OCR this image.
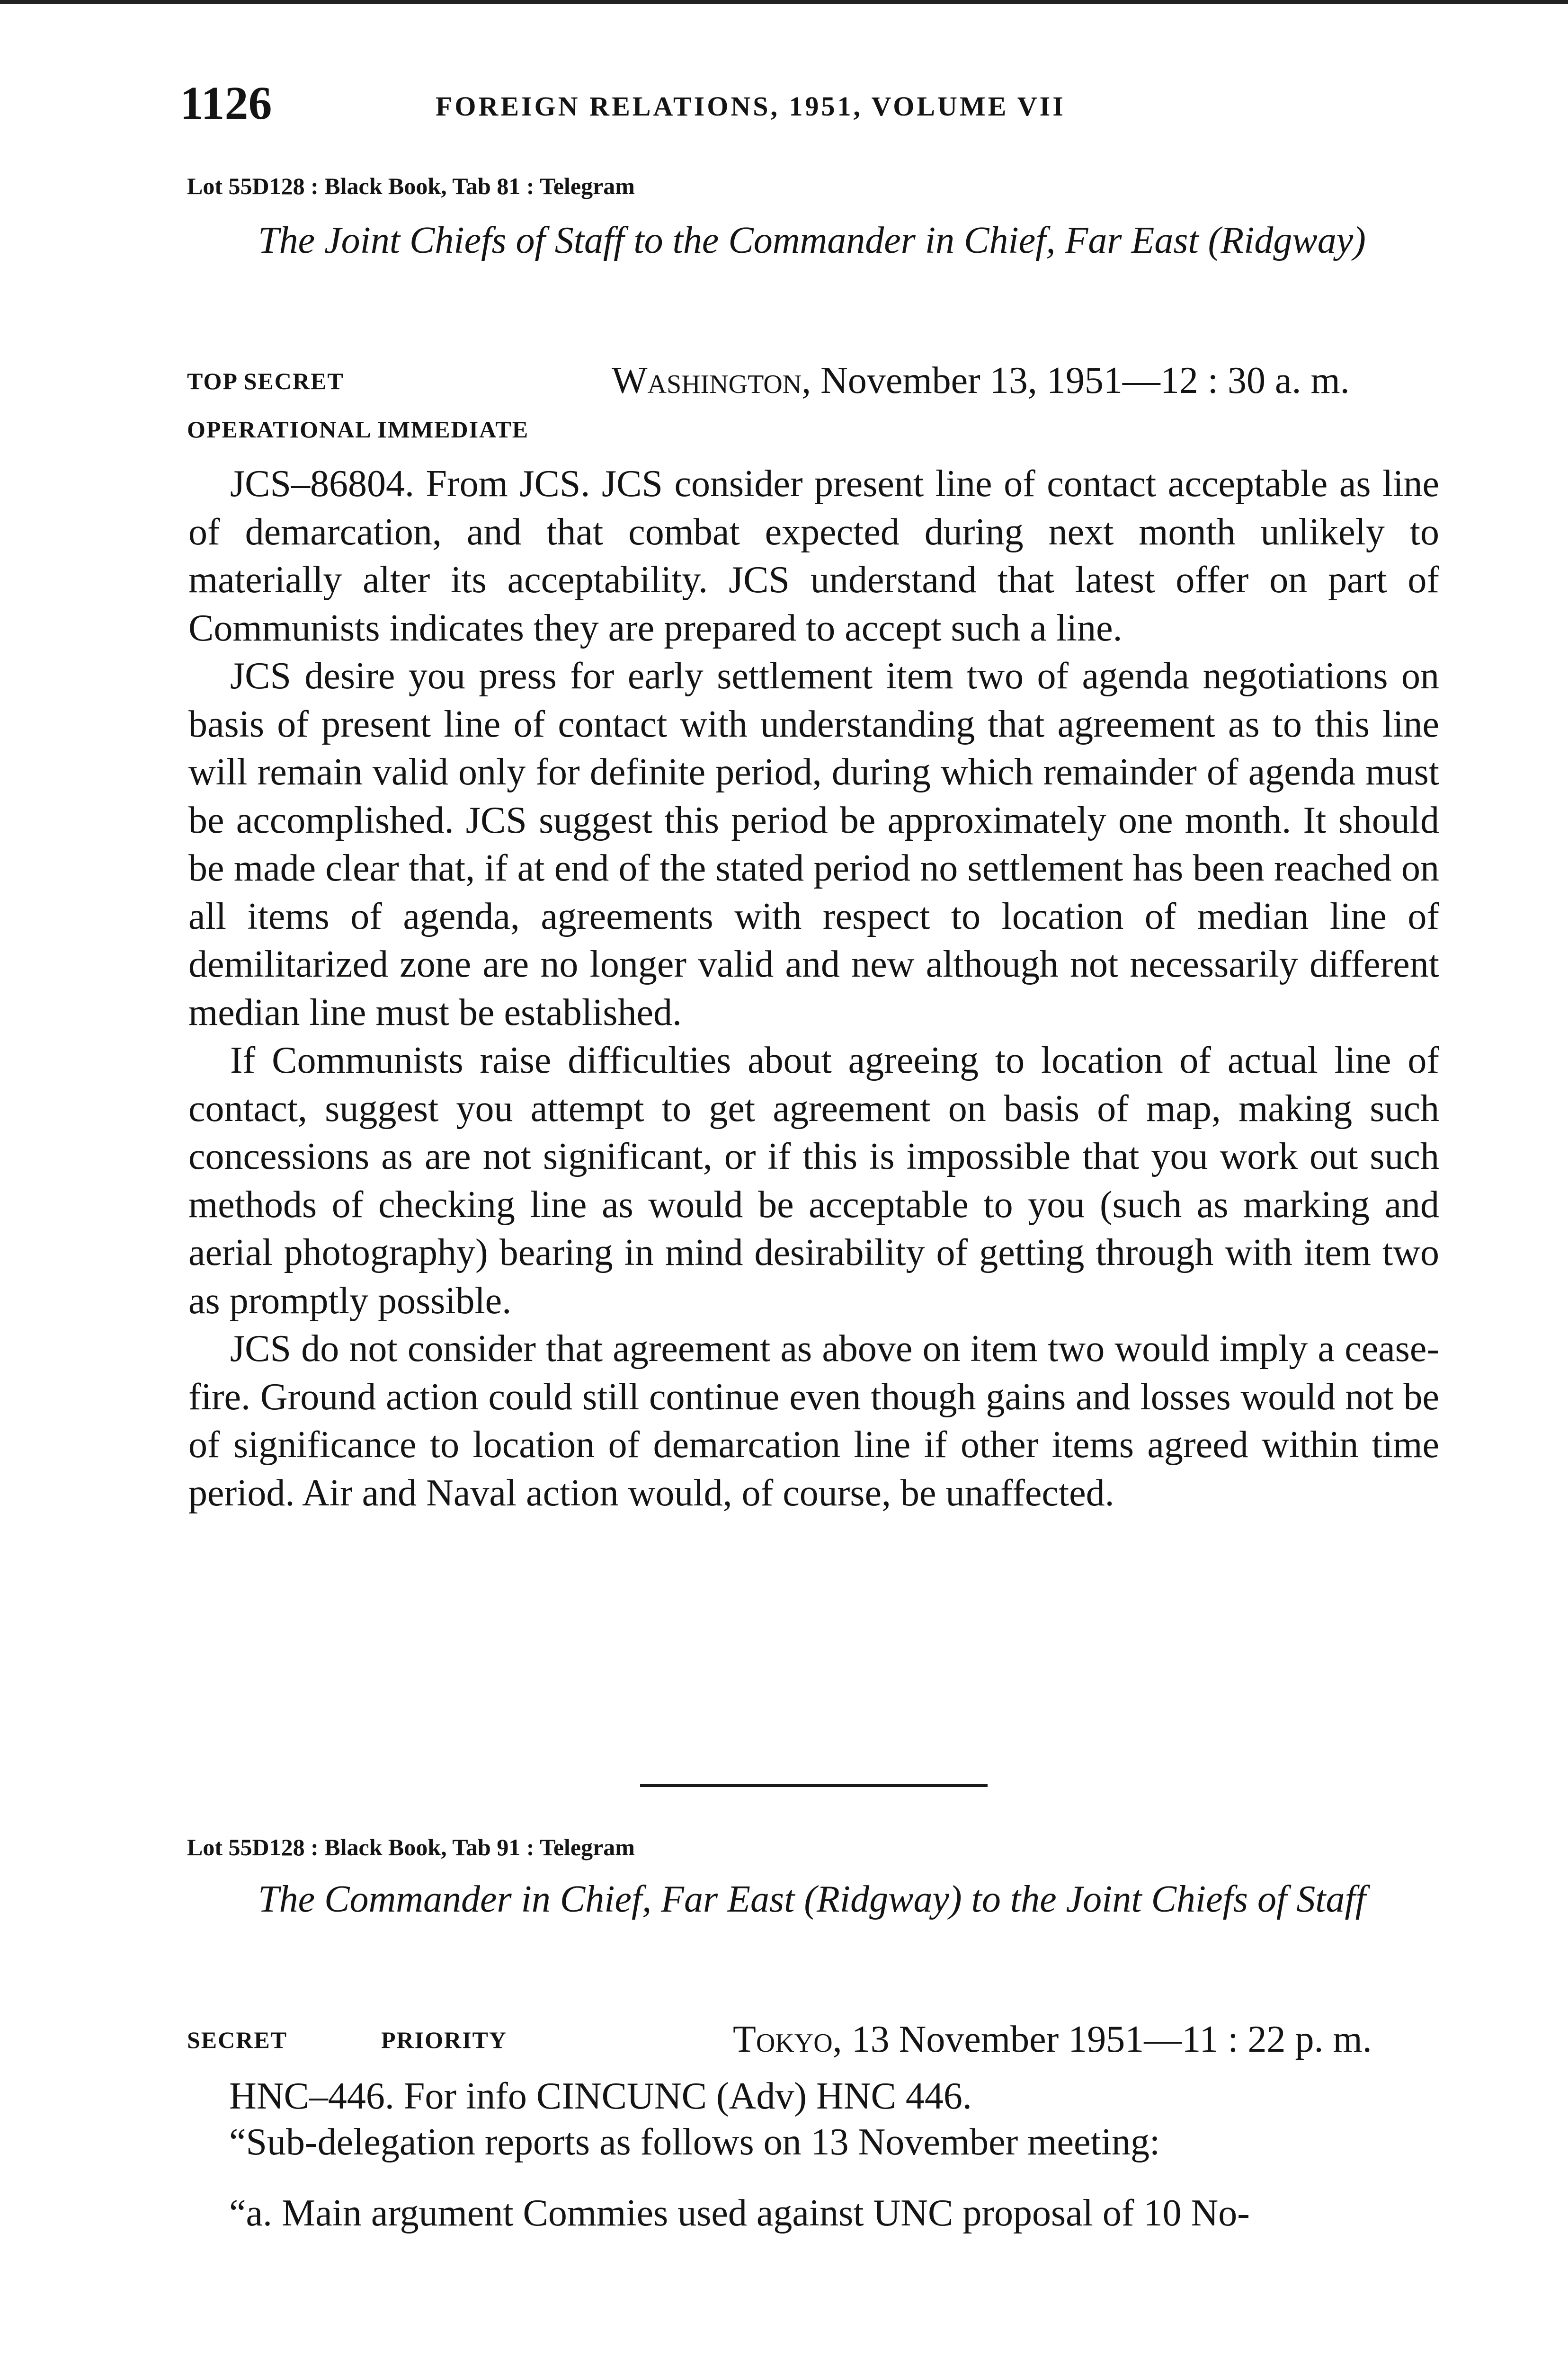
1126	FOREIGN RELATIONS, 1951, VOLUME VII
Lot 55D128 : Black Book, Tab 81 : Telegram
The Joint Chiefs of Staff to the Commander in Chief, Far East (Ridgway)
TOP SECRET
OPERATIONAL IMMEDIATE
Washington, November 13, 1951—12 : 30 a. m.

JCS–86804. From JCS. JCS consider present line of contact acceptable as line of demarcation, and that combat expected during next month unlikely to materially alter its acceptability. JCS understand that latest offer on part of Communists indicates they are prepared to accept such a line.

JCS desire you press for early settlement item two of agenda negotiations on basis of present line of contact with understanding that agreement as to this line will remain valid only for definite period, during which remainder of agenda must be accomplished. JCS suggest this period be approximately one month. It should be made clear that, if at end of the stated period no settlement has been reached on all items of agenda, agreements with respect to location of median line of demilitarized zone are no longer valid and new although not necessarily different median line must be established.

If Communists raise difficulties about agreeing to location of actual line of contact, suggest you attempt to get agreement on basis of map, making such concessions as are not significant, or if this is impossible that you work out such methods of checking line as would be acceptable to you (such as marking and aerial photography) bearing in mind desirability of getting through with item two as promptly possible.

JCS do not consider that agreement as above on item two would imply a cease-fire. Ground action could still continue even though gains and losses would not be of significance to location of demarcation line if other items agreed within time period. Air and Naval action would, of course, be unaffected.

Lot 55D128 : Black Book, Tab 91 : Telegram
The Commander in Chief, Far East (Ridgway) to the Joint Chiefs of Staff
SECRET	PRIORITY	Tokyo, 13 November 1951—11 : 22 p. m.
HNC–446. For info CINCUNC (Adv) HNC 446.
“Sub-delegation reports as follows on 13 November meeting:
“a. Main argument Commies used against UNC proposal of 10 No-
